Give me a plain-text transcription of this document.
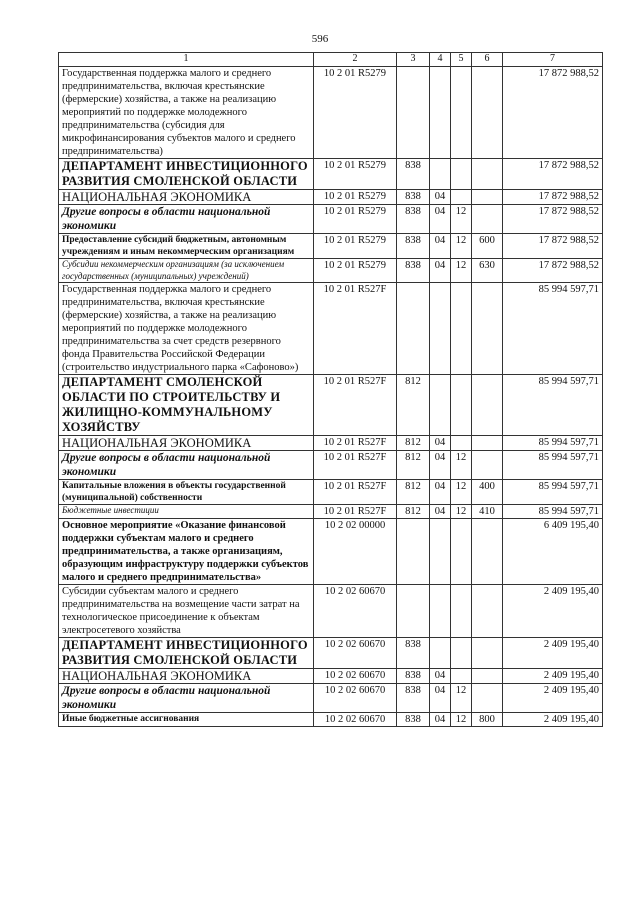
596
1	2	3	4	5	6	7
Государственная поддержка малого и среднего предпринимательства, включая крестьянские (фермерские) хозяйства, а также на реализацию мероприятий по поддержке молодежного предпринимательства (субсидия для микрофинансирования субъектов малого и среднего предпринимательства)	10 2 01 R5279					17 872 988,52
ДЕПАРТАМЕНТ ИНВЕСТИЦИОННОГО РАЗВИТИЯ СМОЛЕНСКОЙ ОБЛАСТИ	10 2 01 R5279	838				17 872 988,52
НАЦИОНАЛЬНАЯ ЭКОНОМИКА	10 2 01 R5279	838	04			17 872 988,52
Другие вопросы в области национальной экономики	10 2 01 R5279	838	04	12		17 872 988,52
Предоставление субсидий бюджетным, автономным учреждениям и иным некоммерческим организациям	10 2 01 R5279	838	04	12	600	17 872 988,52
Субсидии некоммерческим организациям (за исключением государственных (муниципальных) учреждений)	10 2 01 R5279	838	04	12	630	17 872 988,52
Государственная поддержка малого и среднего предпринимательства, включая крестьянские (фермерские) хозяйства, а также на реализацию мероприятий по поддержке молодежного предпринимательства за счет средств резервного фонда Правительства Российской Федерации (строительство индустриального парка «Сафоново»)	10 2 01 R527F					85 994 597,71
ДЕПАРТАМЕНТ СМОЛЕНСКОЙ ОБЛАСТИ ПО СТРОИТЕЛЬСТВУ И ЖИЛИЩНО-КОММУНАЛЬНОМУ ХОЗЯЙСТВУ	10 2 01 R527F	812				85 994 597,71
НАЦИОНАЛЬНАЯ ЭКОНОМИКА	10 2 01 R527F	812	04			85 994 597,71
Другие вопросы в области национальной экономики	10 2 01 R527F	812	04	12		85 994 597,71
Капитальные вложения в объекты государственной (муниципальной) собственности	10 2 01 R527F	812	04	12	400	85 994 597,71
Бюджетные инвестиции	10 2 01 R527F	812	04	12	410	85 994 597,71
Основное мероприятие «Оказание финансовой поддержки субъектам малого и среднего предпринимательства, а также организациям, образующим инфраструктуру поддержки субъектов малого и среднего предпринимательства»	10 2 02 00000					6 409 195,40
Субсидии субъектам малого и среднего предпринимательства на возмещение части затрат на технологическое присоединение к объектам электросетевого хозяйства	10 2 02 60670					2 409 195,40
ДЕПАРТАМЕНТ ИНВЕСТИЦИОННОГО РАЗВИТИЯ СМОЛЕНСКОЙ ОБЛАСТИ	10 2 02 60670	838				2 409 195,40
НАЦИОНАЛЬНАЯ ЭКОНОМИКА	10 2 02 60670	838	04			2 409 195,40
Другие вопросы в области национальной экономики	10 2 02 60670	838	04	12		2 409 195,40
Иные бюджетные ассигнования	10 2 02 60670	838	04	12	800	2 409 195,40
